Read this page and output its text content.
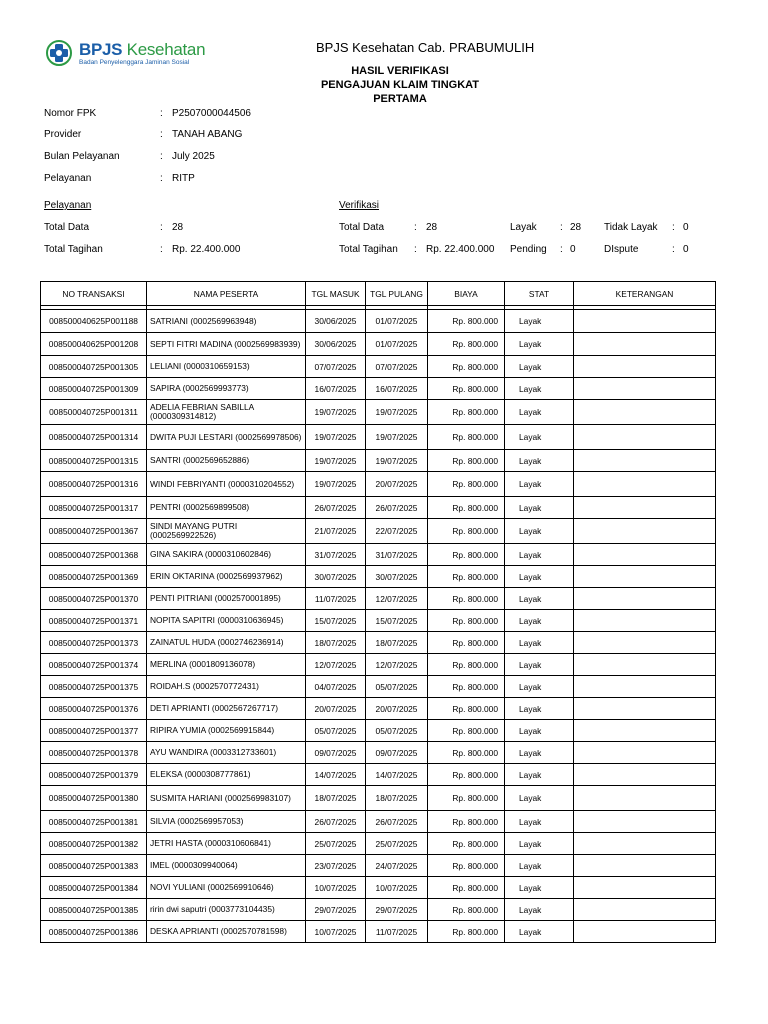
BPJS Kesehatan
Badan Penyelenggara Jaminan Sosial
BPJS Kesehatan Cab. PRABUMULIH
HASIL VERIFIKASI
PENGAJUAN KLAIM TINGKAT PERTAMA
Nomor FPK	: P2507000044506
Provider	: TANAH ABANG
Bulan Pelayanan	: July 2025
Pelayanan	: RITP
Pelayanan	Verifikasi
Total Data	: 28	Total Data	: 28	Layak : 28 Tidak Layak : 0
Total Tagihan	: Rp. 22.400.000	Total Tagihan : Rp. 22.400.000 Pending : 0	DIspute	: 0
NO TRANSAKSI	NAMA PESERTA	TGL MASUK	TGL PULANG	BIAYA	STAT	KETERANGAN

008500040625P001188	SATRIANI (0002569963948)	30/06/2025	01/07/2025	Rp. 800.000	Layak	
008500040625P001208	SEPTI FITRI MADINA (0002569983939)	30/06/2025	01/07/2025	Rp. 800.000	Layak	
008500040725P001305	LELIANI (0000310659153)	07/07/2025	07/07/2025	Rp. 800.000	Layak	
008500040725P001309	SAPIRA (0002569993773)	16/07/2025	16/07/2025	Rp. 800.000	Layak	
008500040725P001311	ADELIA FEBRIAN SABILLA (0000309314812)	19/07/2025	19/07/2025	Rp. 800.000	Layak	
008500040725P001314	DWITA PUJI LESTARI (0002569978506)	19/07/2025	19/07/2025	Rp. 800.000	Layak	
008500040725P001315	SANTRI (0002569652886)	19/07/2025	19/07/2025	Rp. 800.000	Layak	
008500040725P001316	WINDI FEBRIYANTI (0000310204552)	19/07/2025	20/07/2025	Rp. 800.000	Layak	
008500040725P001317	PENTRI (0002569899508)	26/07/2025	26/07/2025	Rp. 800.000	Layak	
008500040725P001367	SINDI MAYANG PUTRI (0002569922526)	21/07/2025	22/07/2025	Rp. 800.000	Layak	
008500040725P001368	GINA SAKIRA (0000310602846)	31/07/2025	31/07/2025	Rp. 800.000	Layak	
008500040725P001369	ERIN OKTARINA (0002569937962)	30/07/2025	30/07/2025	Rp. 800.000	Layak	
008500040725P001370	PENTI PITRIANI (0002570001895)	11/07/2025	12/07/2025	Rp. 800.000	Layak	
008500040725P001371	NOPITA SAPITRI (0000310636945)	15/07/2025	15/07/2025	Rp. 800.000	Layak	
008500040725P001373	ZAINATUL HUDA (0002746236914)	18/07/2025	18/07/2025	Rp. 800.000	Layak	
008500040725P001374	MERLINA (0001809136078)	12/07/2025	12/07/2025	Rp. 800.000	Layak	
008500040725P001375	ROIDAH.S (0002570772431)	04/07/2025	05/07/2025	Rp. 800.000	Layak	
008500040725P001376	DETI APRIANTI (0002567267717)	20/07/2025	20/07/2025	Rp. 800.000	Layak	
008500040725P001377	RIPIRA YUMIA (0002569915844)	05/07/2025	05/07/2025	Rp. 800.000	Layak	
008500040725P001378	AYU WANDIRA (0003312733601)	09/07/2025	09/07/2025	Rp. 800.000	Layak	
008500040725P001379	ELEKSA (0000308777861)	14/07/2025	14/07/2025	Rp. 800.000	Layak	
008500040725P001380	SUSMITA HARIANI (0002569983107)	18/07/2025	18/07/2025	Rp. 800.000	Layak	
008500040725P001381	SILVIA (0002569957053)	26/07/2025	26/07/2025	Rp. 800.000	Layak	
008500040725P001382	JETRI HASTA (0000310606841)	25/07/2025	25/07/2025	Rp. 800.000	Layak	
008500040725P001383	IMEL (0000309940064)	23/07/2025	24/07/2025	Rp. 800.000	Layak	
008500040725P001384	NOVI YULIANI (0002569910646)	10/07/2025	10/07/2025	Rp. 800.000	Layak	
008500040725P001385	ririn dwi saputri (0003773104435)	29/07/2025	29/07/2025	Rp. 800.000	Layak	
008500040725P001386	DESKA APRIANTI (0002570781598)	10/07/2025	11/07/2025	Rp. 800.000	Layak	
